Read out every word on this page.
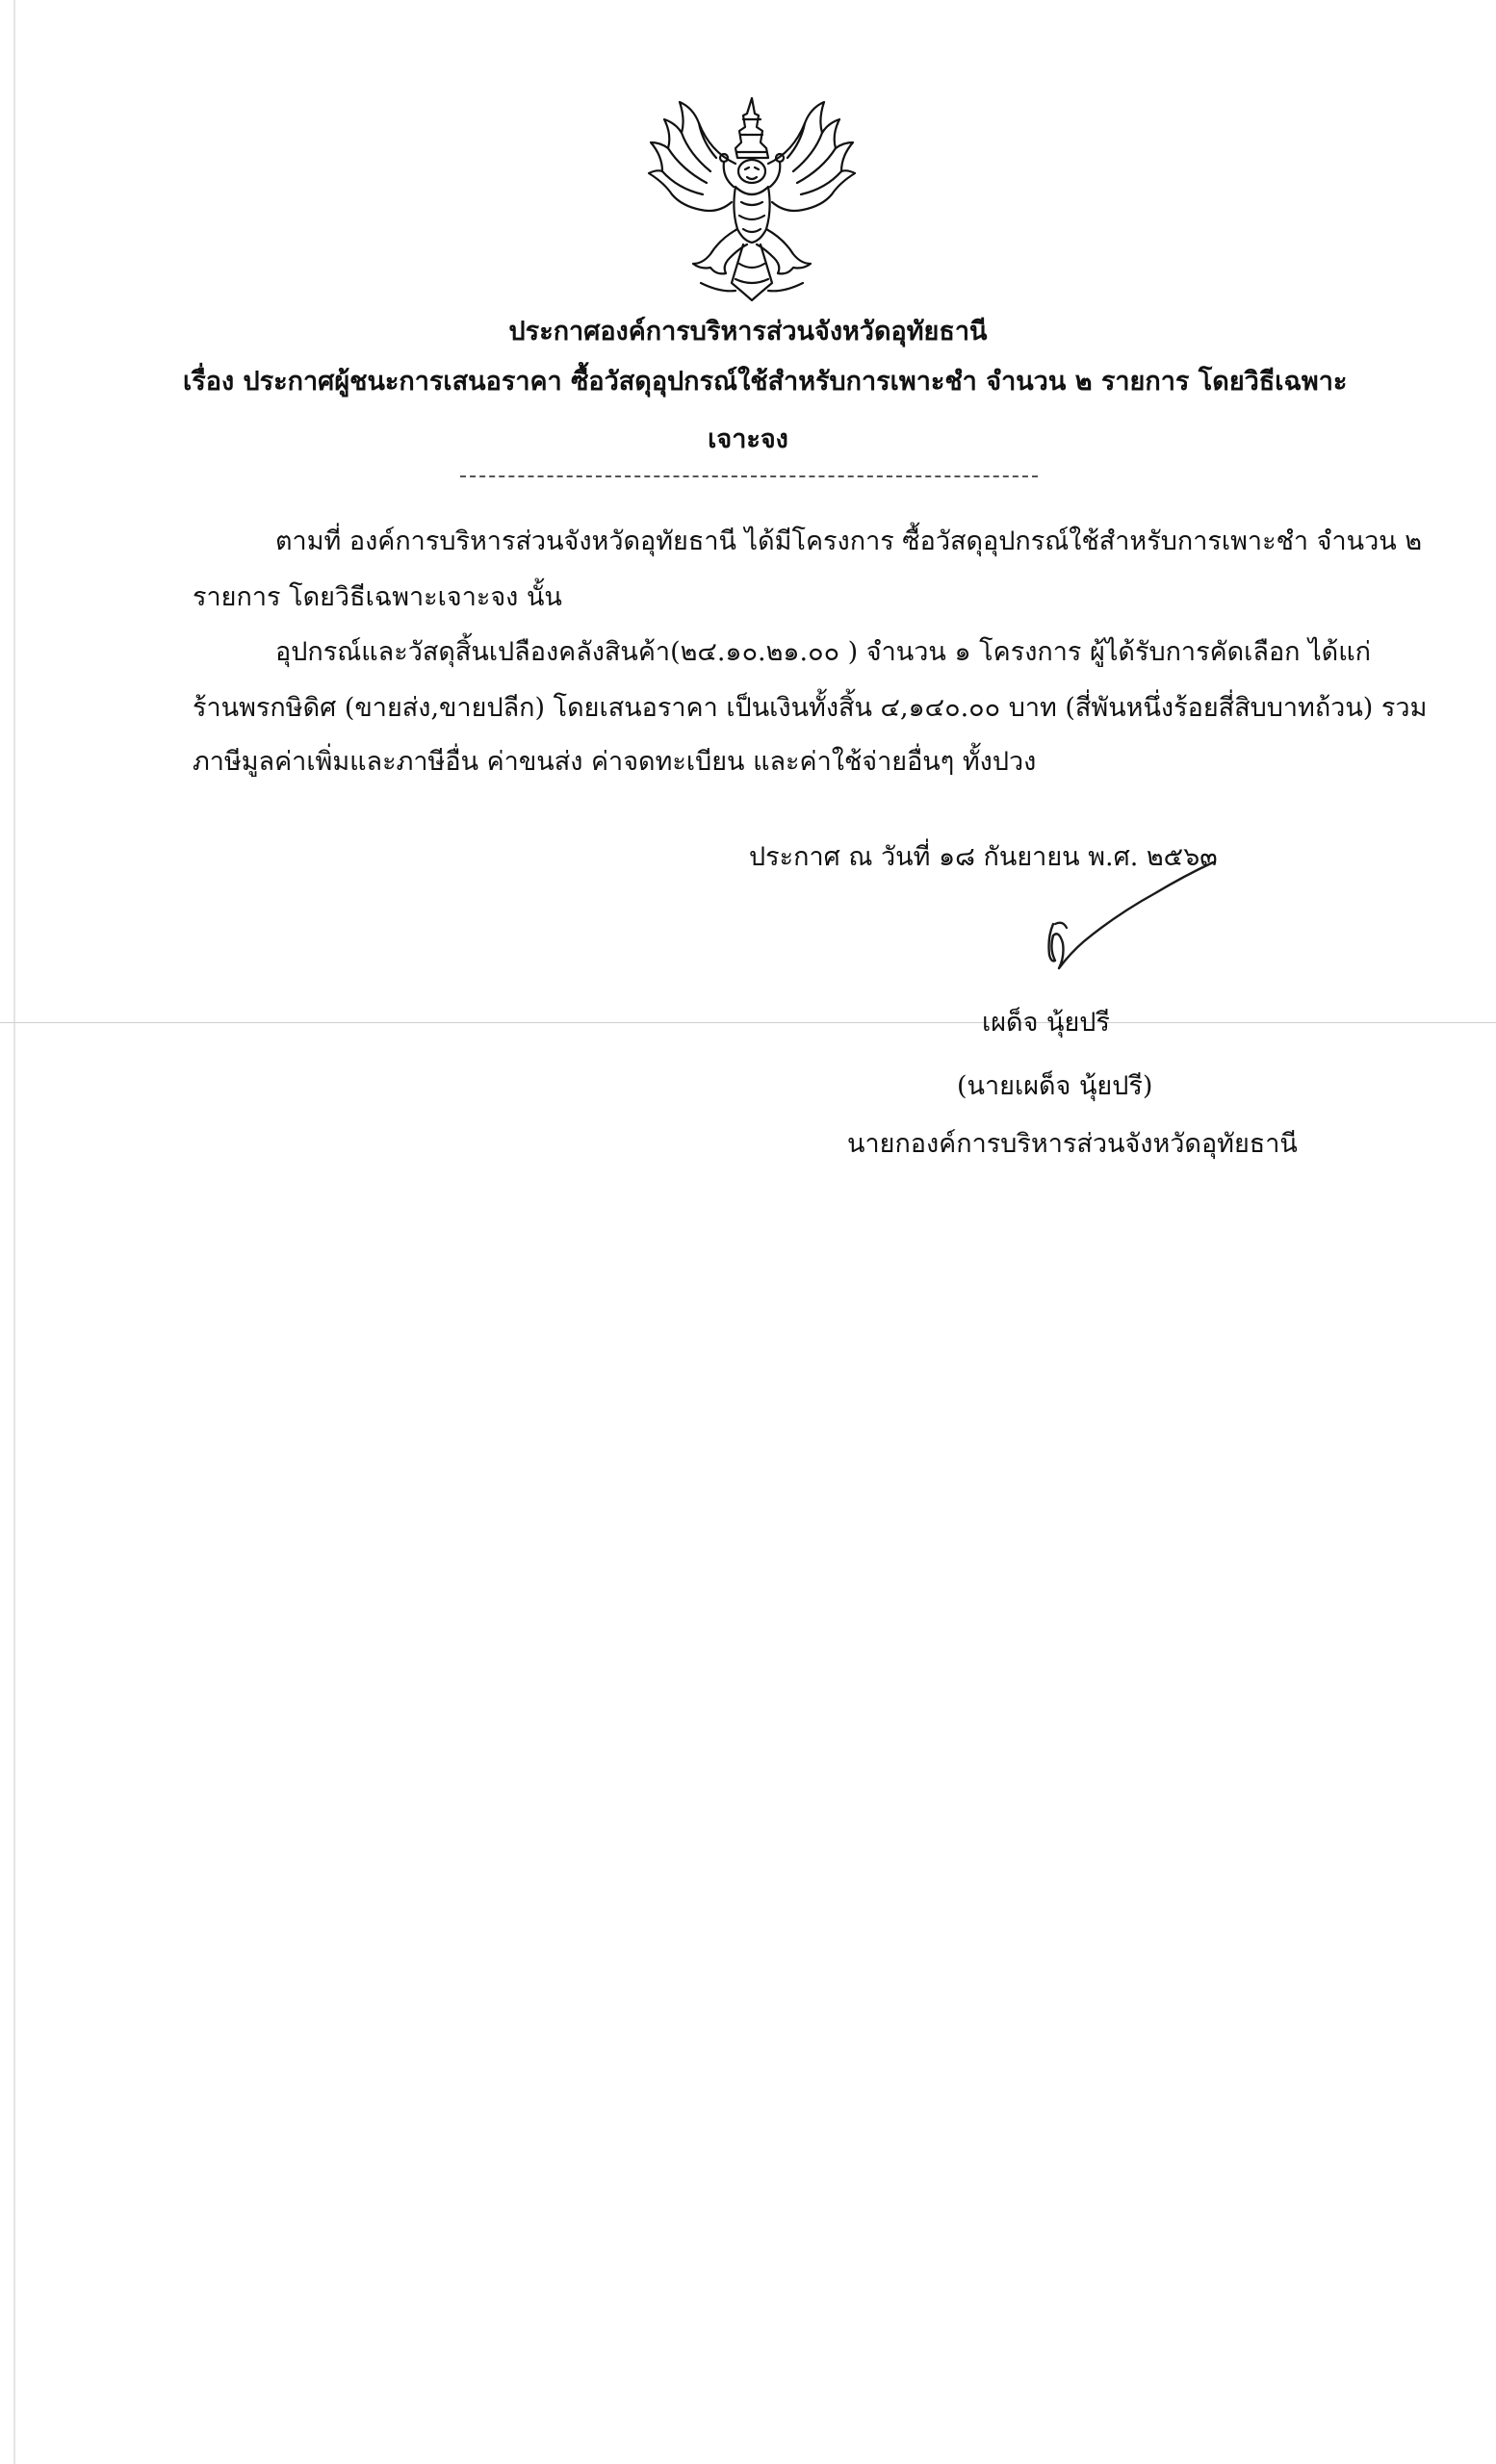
ประกาศองค์การบริหารส่วนจังหวัดอุทัยธานี
เรื่อง ประกาศผู้ชนะการเสนอราคา ซื้อวัสดุอุปกรณ์ใช้สำหรับการเพาะชำ จำนวน ๒ รายการ โดยวิธีเฉพาะ
เจาะจง
ตามที่ องค์การบริหารส่วนจังหวัดอุทัยธานี ได้มีโครงการ ซื้อวัสดุอุปกรณ์ใช้สำหรับการเพาะชำ จำนวน ๒
รายการ โดยวิธีเฉพาะเจาะจง นั้น
อุปกรณ์และวัสดุสิ้นเปลืองคลังสินค้า(๒๔.๑๐.๒๑.๐๐ ) จำนวน ๑ โครงการ ผู้ได้รับการคัดเลือก ได้แก่
ร้านพรกษิดิศ (ขายส่ง,ขายปลีก) โดยเสนอราคา เป็นเงินทั้งสิ้น ๔,๑๔๐.๐๐ บาท (สี่พันหนึ่งร้อยสี่สิบบาทถ้วน) รวม
ภาษีมูลค่าเพิ่มและภาษีอื่น ค่าขนส่ง ค่าจดทะเบียน และค่าใช้จ่ายอื่นๆ ทั้งปวง
ประกาศ ณ วันที่ ๑๘ กันยายน พ.ศ. ๒๕๖๓
เผด็จ นุ้ยปรี
(นายเผด็จ นุ้ยปรี)
นายกองค์การบริหารส่วนจังหวัดอุทัยธานี
